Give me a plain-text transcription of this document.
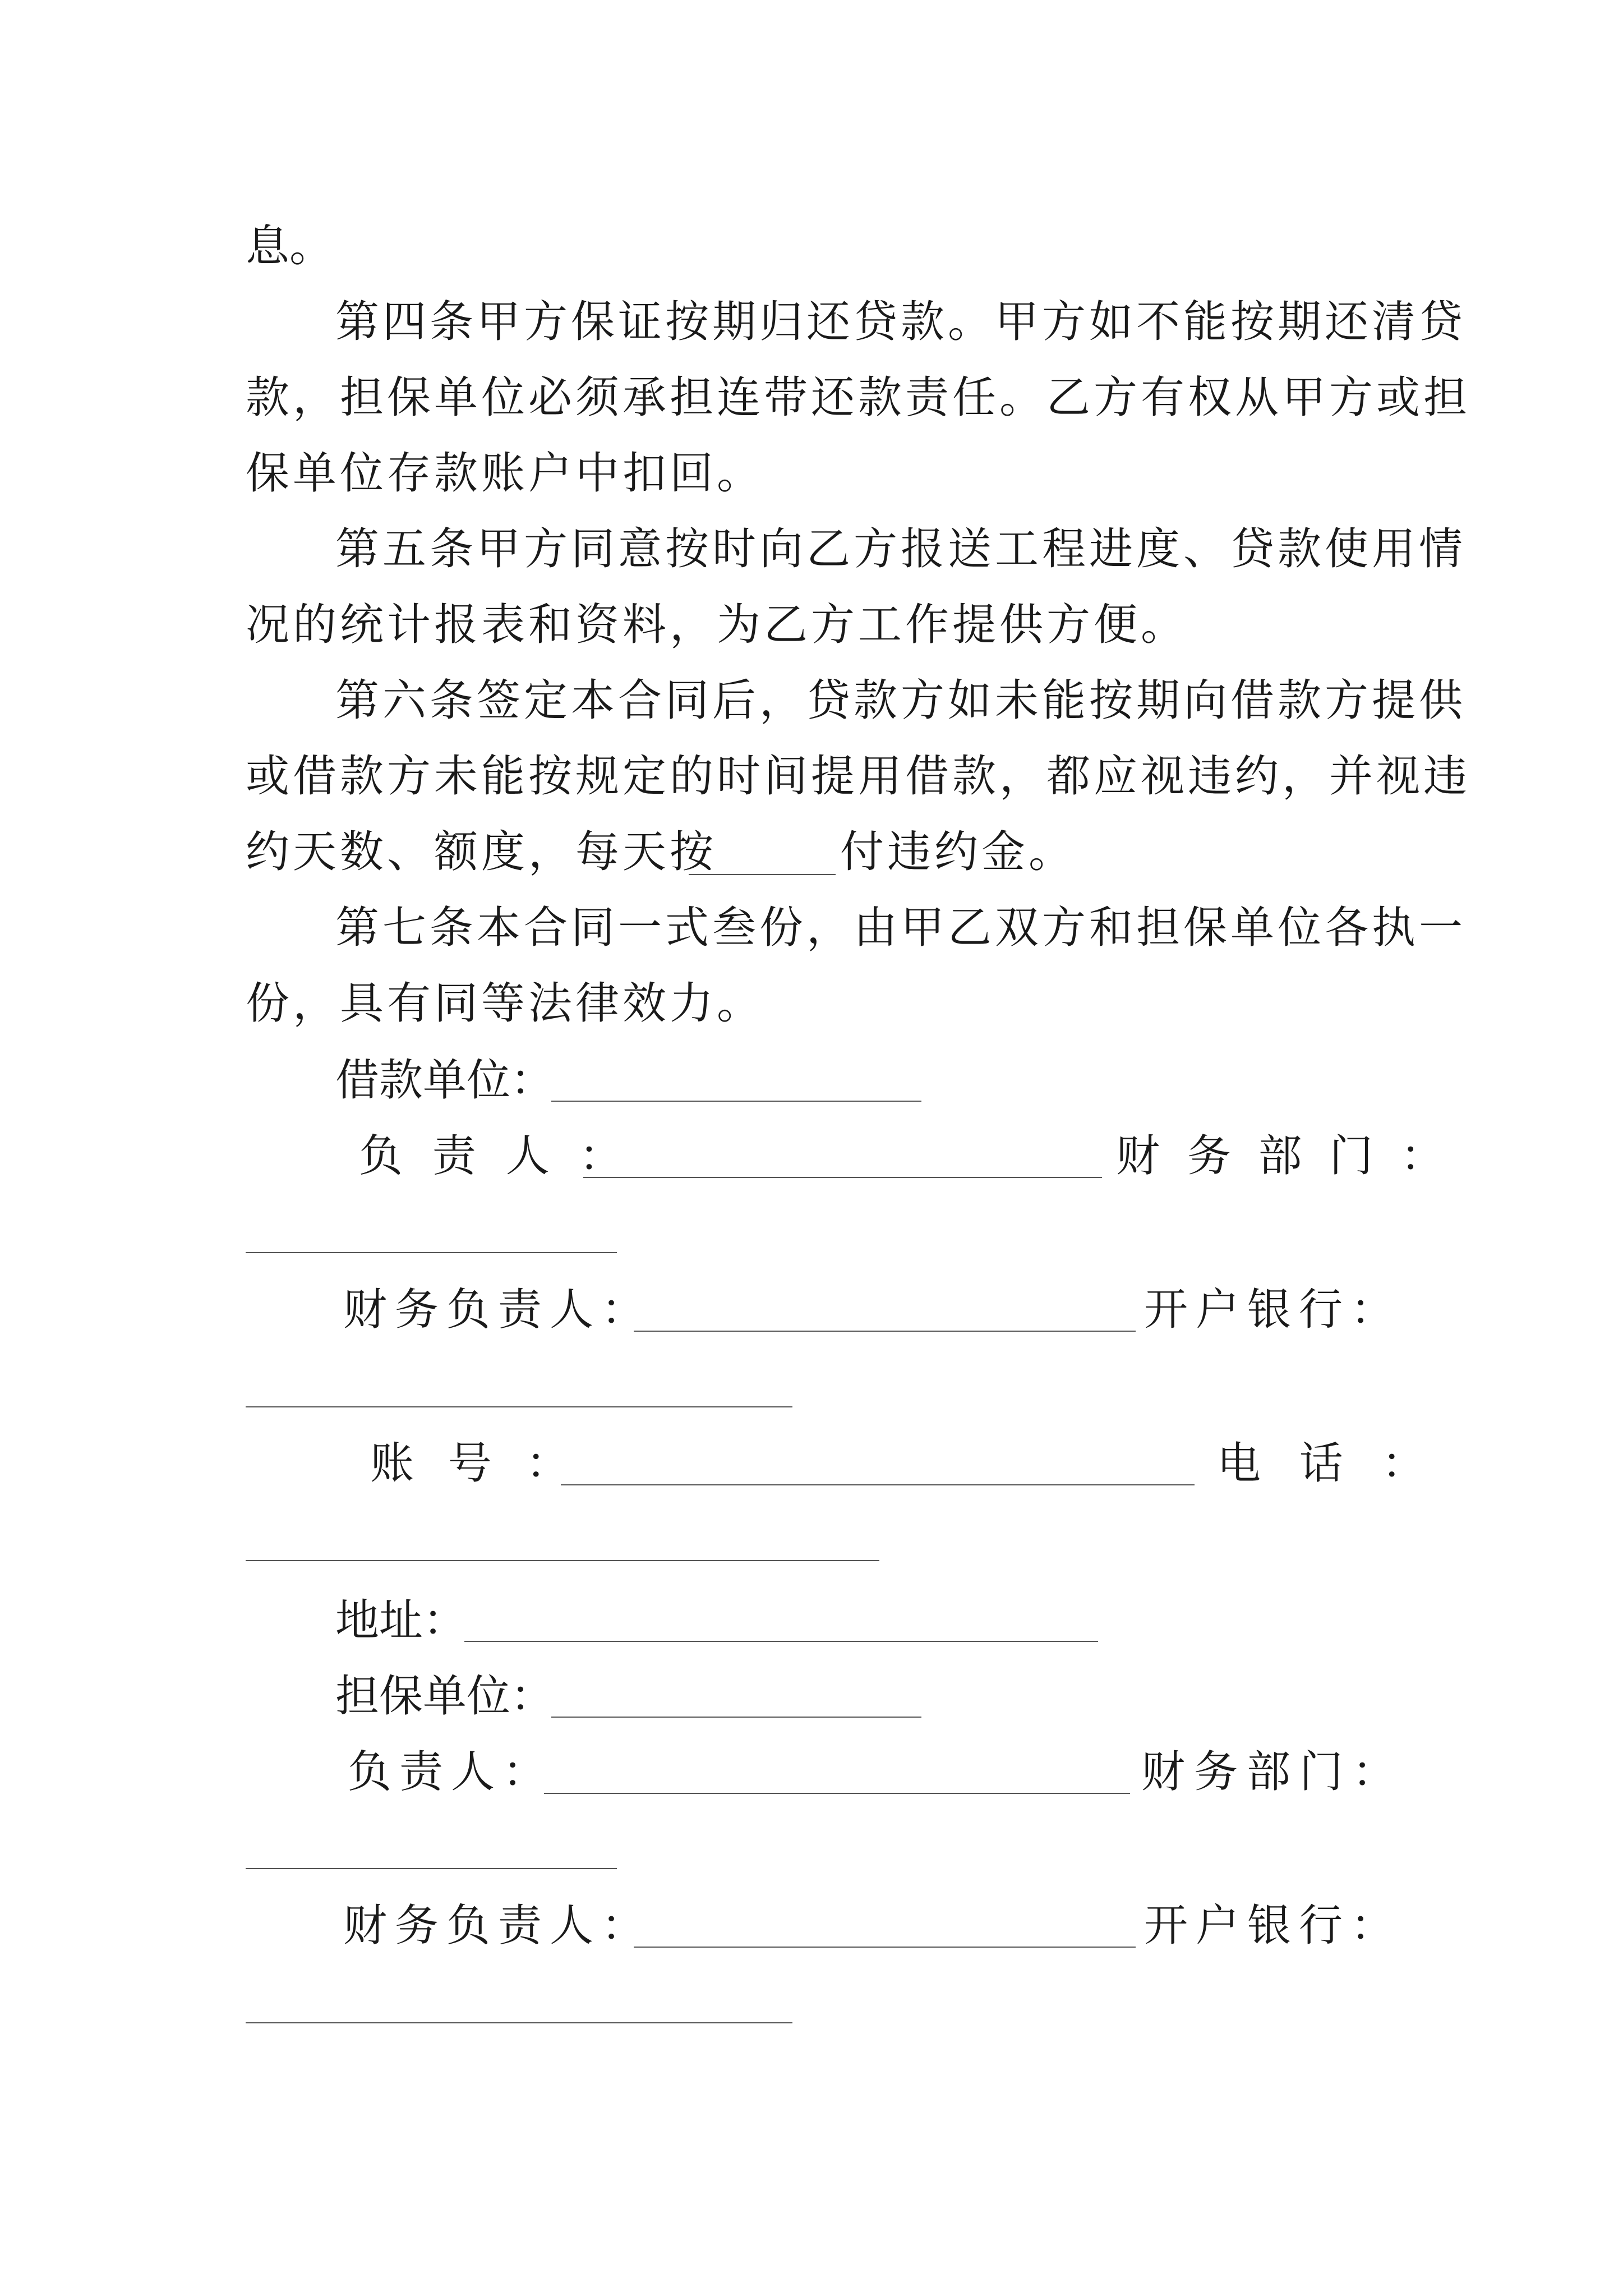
息。
第四条甲方保证按期归还贷款。甲方如不能按期还清贷
款，担保单位必须承担连带还款责任。乙方有权从甲方或担
保单位存款账户中扣回。
第五条甲方同意按时向乙方报送工程进度、贷款使用情
况的统计报表和资料，为乙方工作提供方便。
第六条签定本合同后，贷款方如未能按期向借款方提供
或借款方未能按规定的时间提用借款，都应视违约，并视违
约天数、额度，每天按	付违约金。
第七条本合同一式叁份，由甲乙双方和担保单位各执一
份，具有同等法律效力。
借款单位：
负 责 人 ：	财 务 部 门 ：
财务负责人：	开户银行：
账 号 ：	电 话 ：
地址：
担保单位：
负责人：	财务部门：
财务负责人：	开户银行：
